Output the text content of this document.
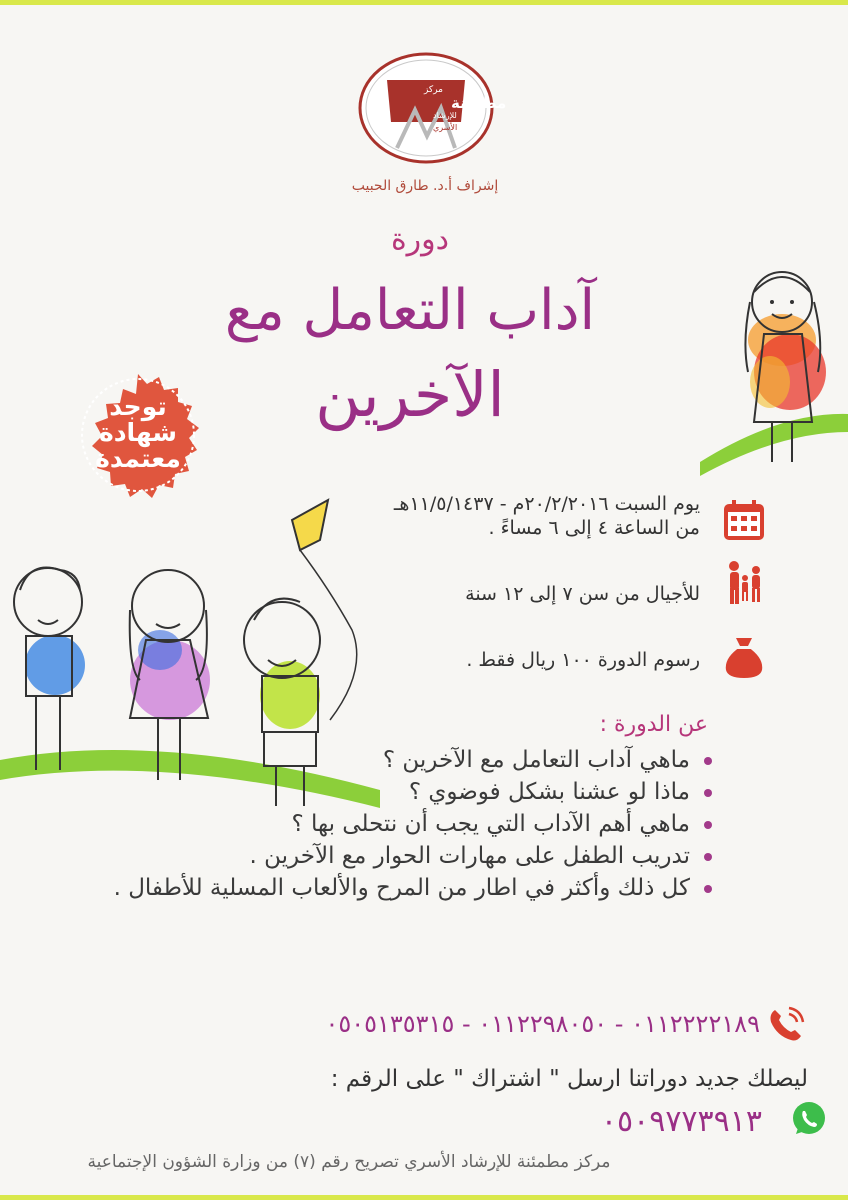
مركز
مطمئنة
للإرشاد
الأسري
إشراف أ.د. طارق الحبيب
دورة
آداب التعامل مع
الآخرين
توجد
شهادة
معتمدة
يوم السبت ٢٠/٢/٢٠١٦م - ١١/٥/١٤٣٧هـ
من الساعة ٤ إلى ٦ مساءً .
للأجيال من سن ٧ إلى ١٢ سنة
رسوم الدورة ١٠٠ ريال فقط .
عن الدورة :
ماهي آداب التعامل مع الآخرين ؟
ماذا لو عشنا بشكل فوضوي ؟
ماهي أهم الآداب التي يجب أن نتحلى بها ؟
تدريب الطفل على مهارات الحوار مع الآخرين .
كل ذلك وأكثر في اطار من المرح والألعاب المسلية للأطفال .
٠١١٢٢٢٢١٨٩ - ٠١١٢٢٩٨٠٥٠ - ٠٥٠٥١٣٥٣١٥
ليصلك جديد دوراتنا ارسل " اشتراك " على الرقم :
٠٥٠٩٧٧٣٩١٣
مركز مطمئنة للإرشاد الأسري تصريح رقم (٧) من وزارة الشؤون الإجتماعية
